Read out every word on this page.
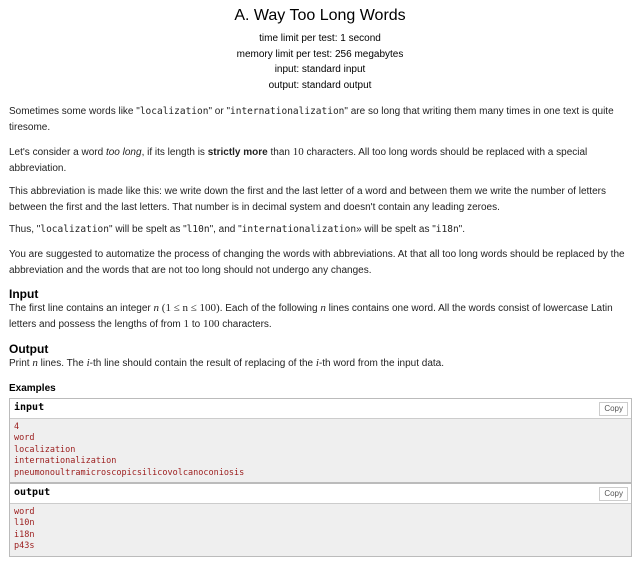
A. Way Too Long Words
time limit per test: 1 second
memory limit per test: 256 megabytes
input: standard input
output: standard output
Sometimes some words like "localization" or "internationalization" are so long that writing them many times in one text is quite tiresome.
Let's consider a word too long, if its length is strictly more than 10 characters. All too long words should be replaced with a special abbreviation.
This abbreviation is made like this: we write down the first and the last letter of a word and between them we write the number of letters between the first and the last letters. That number is in decimal system and doesn't contain any leading zeroes.
Thus, "localization" will be spelt as "l10n", and "internationalization» will be spelt as "i18n".
You are suggested to automatize the process of changing the words with abbreviations. At that all too long words should be replaced by the abbreviation and the words that are not too long should not undergo any changes.
Input
The first line contains an integer n (1 ≤ n ≤ 100). Each of the following n lines contains one word. All the words consist of lowercase Latin letters and possess the lengths of from 1 to 100 characters.
Output
Print n lines. The i-th line should contain the result of replacing of the i-th word from the input data.
Examples
input	Copy
4
word
localization
internationalization
pneumonoultramicroscopicsilicovolcanoconiosis
output	Copy
word
l10n
i18n
p43s
